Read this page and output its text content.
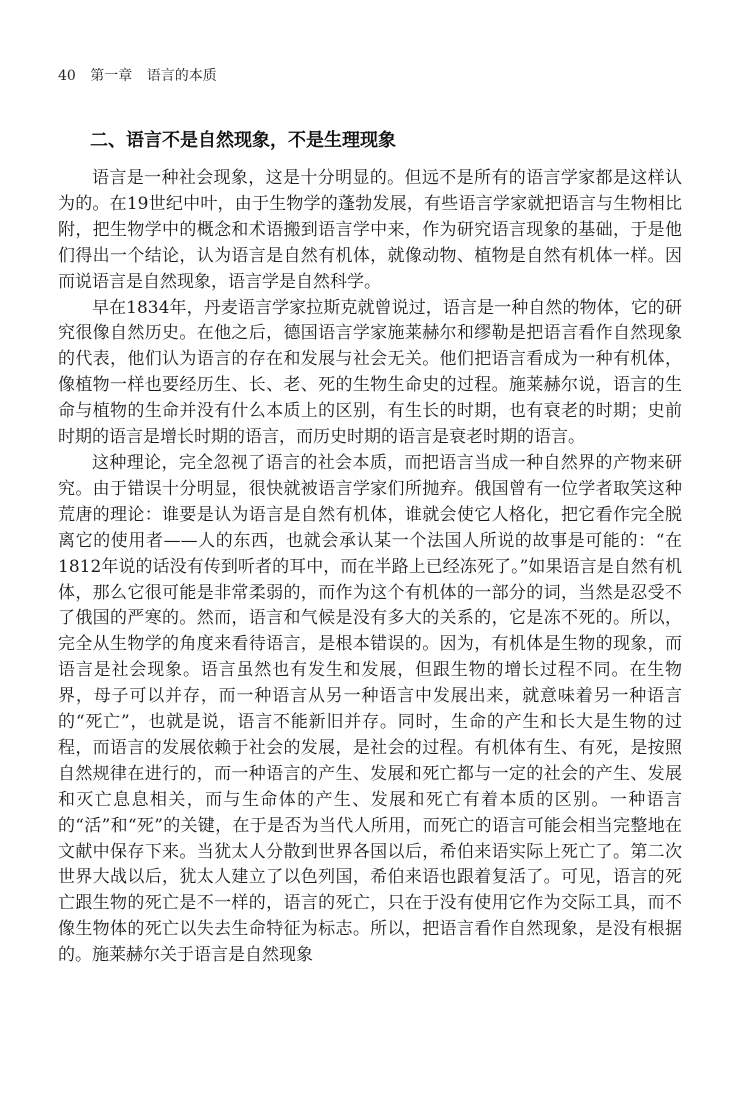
40 第一章 语言的本质
二、语言不是自然现象，不是生理现象

语言是一种社会现象，这是十分明显的。但远不是所有的语言学家都是这样认为的。在19世纪中叶，由于生物学的蓬勃发展，有些语言学家就把语言与生物相比附，把生物学中的概念和术语搬到语言学中来，作为研究语言现象的基础，于是他们得出一个结论，认为语言是自然有机体，就像动物、植物是自然有机体一样。因而说语言是自然现象，语言学是自然科学。

早在1834年，丹麦语言学家拉斯克就曾说过，语言是一种自然的物体，它的研究很像自然历史。在他之后，德国语言学家施莱赫尔和缪勒是把语言看作自然现象的代表，他们认为语言的存在和发展与社会无关。他们把语言看成为一种有机体，像植物一样也要经历生、长、老、死的生物生命史的过程。施莱赫尔说，语言的生命与植物的生命并没有什么本质上的区别，有生长的时期，也有衰老的时期；史前时期的语言是增长时期的语言，而历史时期的语言是衰老时期的语言。

这种理论，完全忽视了语言的社会本质，而把语言当成一种自然界的产物来研究。由于错误十分明显，很快就被语言学家们所抛弃。俄国曾有一位学者取笑这种荒唐的理论：谁要是认为语言是自然有机体，谁就会使它人格化，把它看作完全脱离它的使用者——人的东西，也就会承认某一个法国人所说的故事是可能的：“在1812年说的话没有传到听者的耳中，而在半路上已经冻死了。”如果语言是自然有机体，那么它很可能是非常柔弱的，而作为这个有机体的一部分的词，当然是忍受不了俄国的严寒的。然而，语言和气候是没有多大的关系的，它是冻不死的。所以，完全从生物学的角度来看待语言，是根本错误的。因为，有机体是生物的现象，而语言是社会现象。语言虽然也有发生和发展，但跟生物的增长过程不同。在生物界，母子可以并存，而一种语言从另一种语言中发展出来，就意味着另一种语言的“死亡”，也就是说，语言不能新旧并存。同时，生命的产生和长大是生物的过程，而语言的发展依赖于社会的发展，是社会的过程。有机体有生、有死，是按照自然规律在进行的，而一种语言的产生、发展和死亡都与一定的社会的产生、发展和灭亡息息相关，而与生命体的产生、发展和死亡有着本质的区别。一种语言的“活”和“死”的关键，在于是否为当代人所用，而死亡的语言可能会相当完整地在文献中保存下来。当犹太人分散到世界各国以后，希伯来语实际上死亡了。第二次世界大战以后，犹太人建立了以色列国，希伯来语也跟着复活了。可见，语言的死亡跟生物的死亡是不一样的，语言的死亡，只在于没有使用它作为交际工具，而不像生物体的死亡以失去生命特征为标志。所以，把语言看作自然现象，是没有根据的。施莱赫尔关于语言是自然现象
